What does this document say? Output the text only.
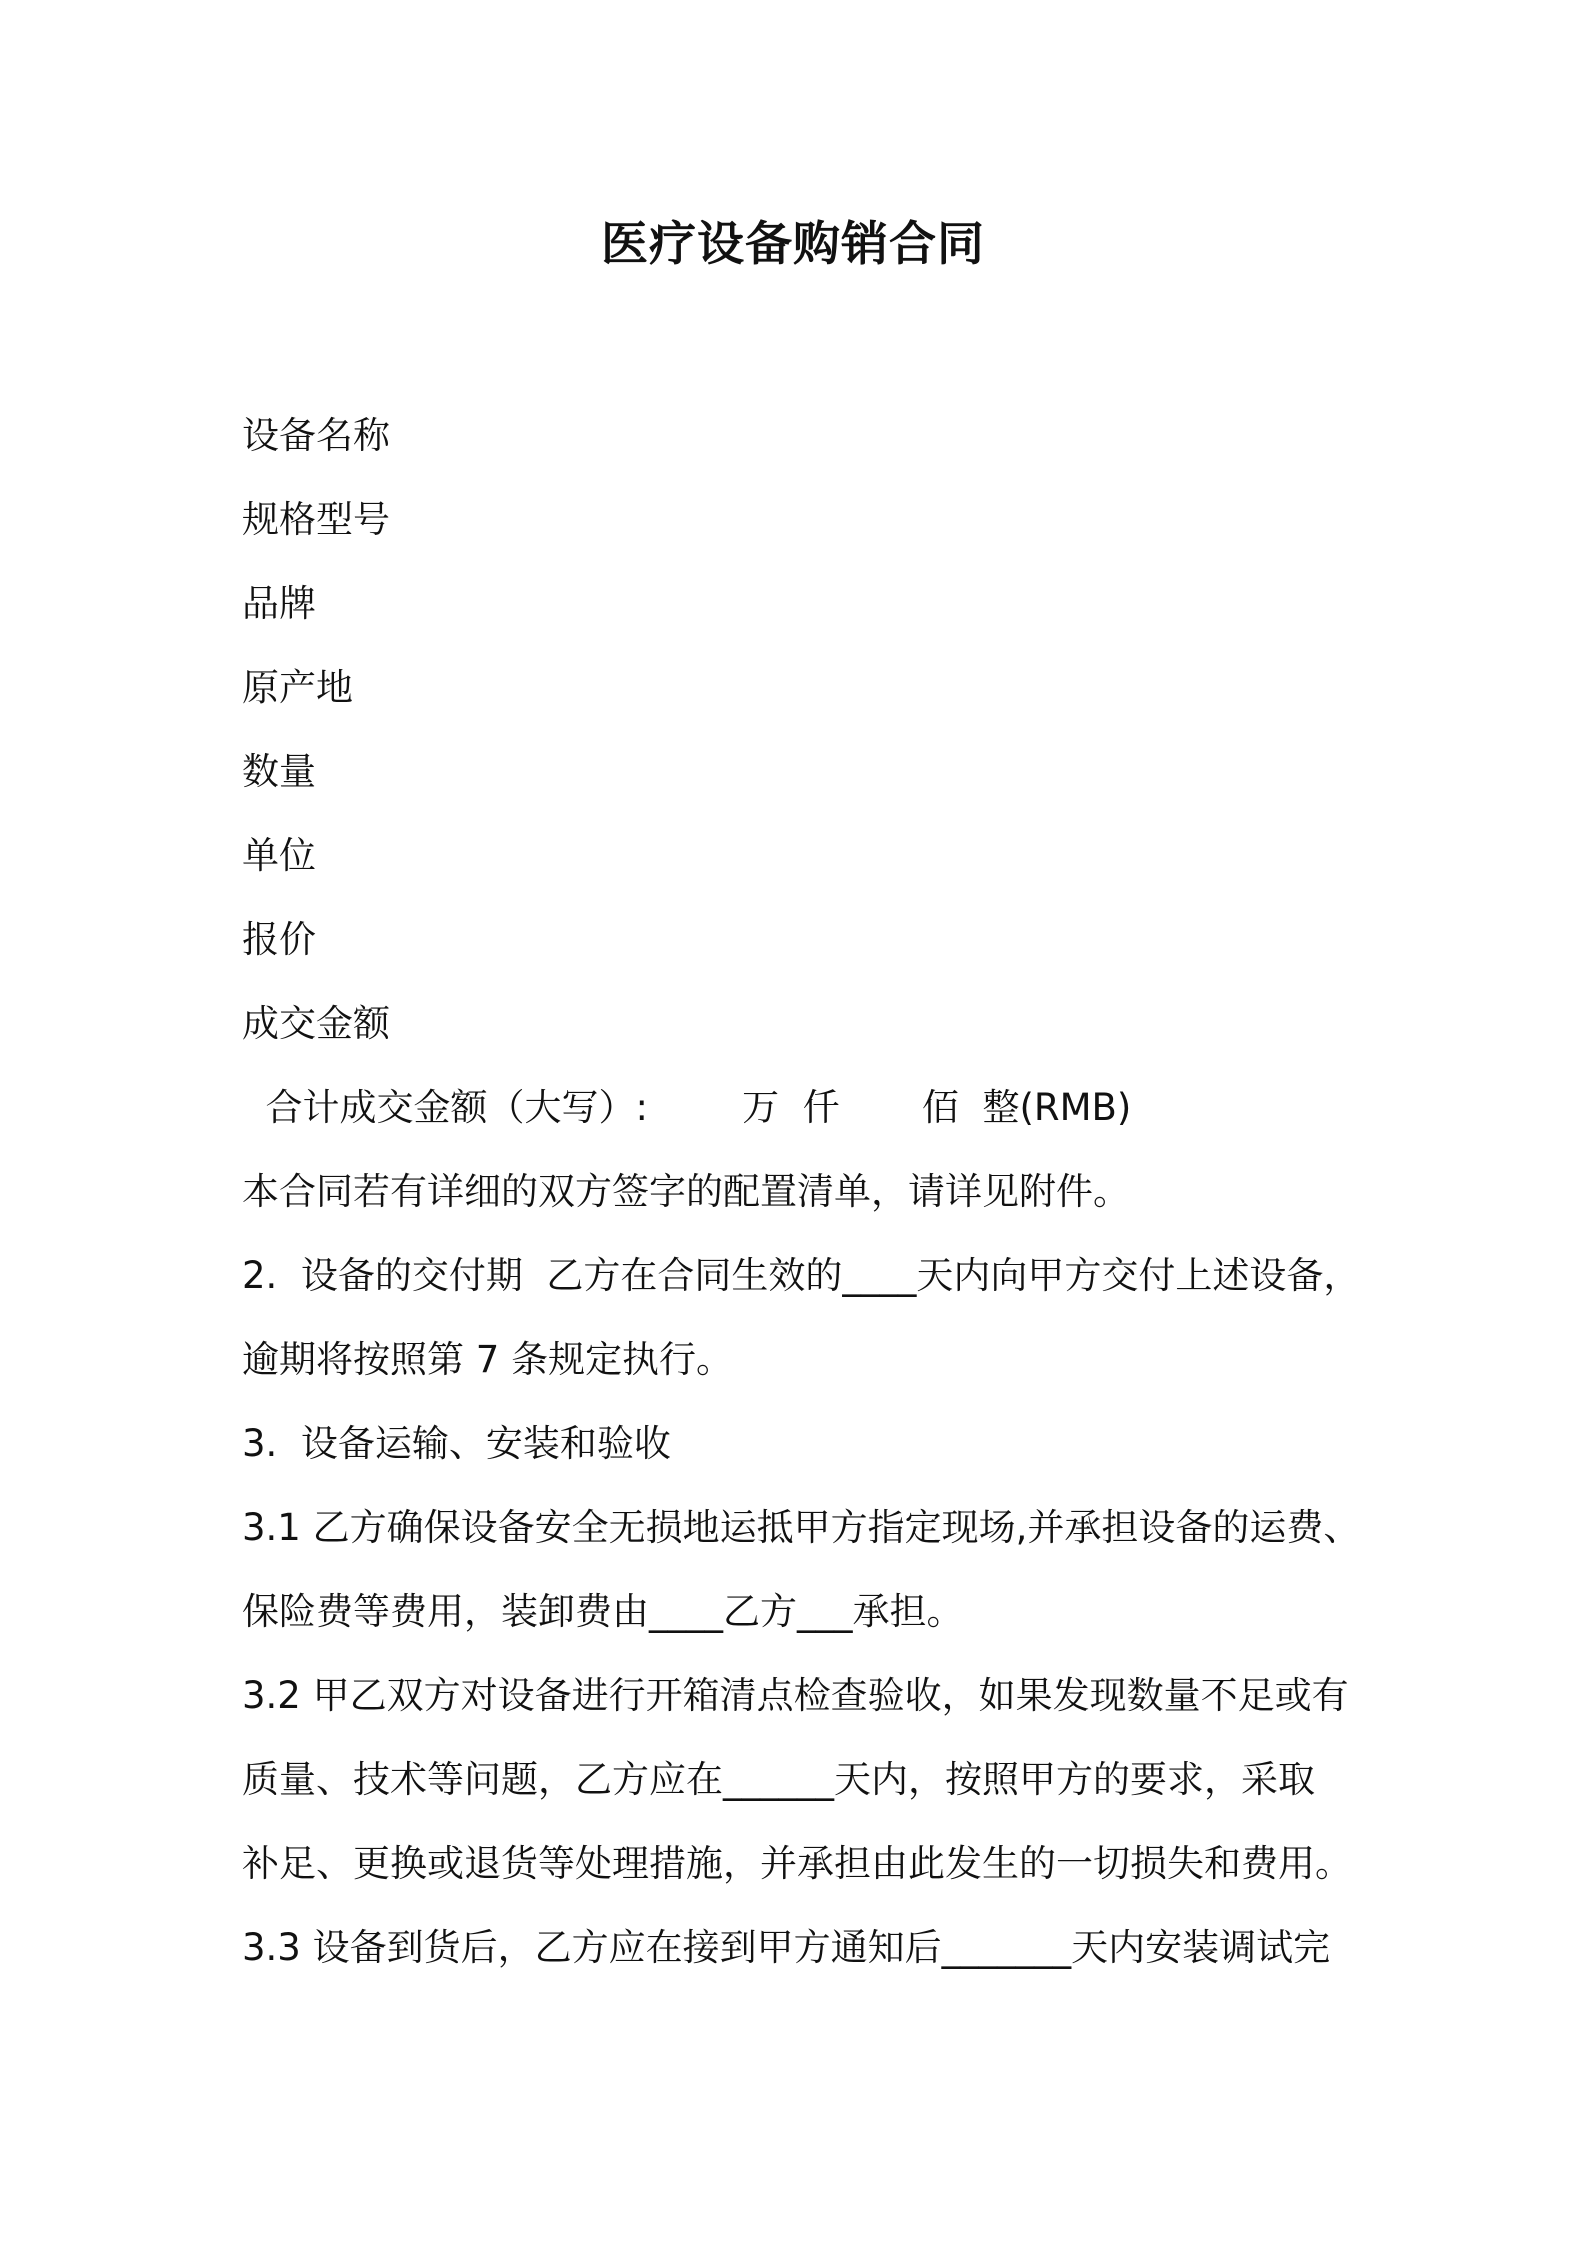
医疗设备购销合同
设备名称
规格型号
品牌
原产地
数量
单位
报价
成交金额
合计成交金额（大写）:        万  仟       佰  整(RMB)
本合同若有详细的双方签字的配置清单，请详见附件。
2.  设备的交付期  乙方在合同生效的____天内向甲方交付上述设备，
逾期将按照第 7 条规定执行。
3.  设备运输、安装和验收
3.1 乙方确保设备安全无损地运抵甲方指定现场,并承担设备的运费、
保险费等费用，装卸费由____乙方___承担。
3.2 甲乙双方对设备进行开箱清点检查验收，如果发现数量不足或有
质量、技术等问题，乙方应在______天内，按照甲方的要求，采取
补足、更换或退货等处理措施，并承担由此发生的一切损失和费用。
3.3 设备到货后，乙方应在接到甲方通知后_______天内安装调试完
